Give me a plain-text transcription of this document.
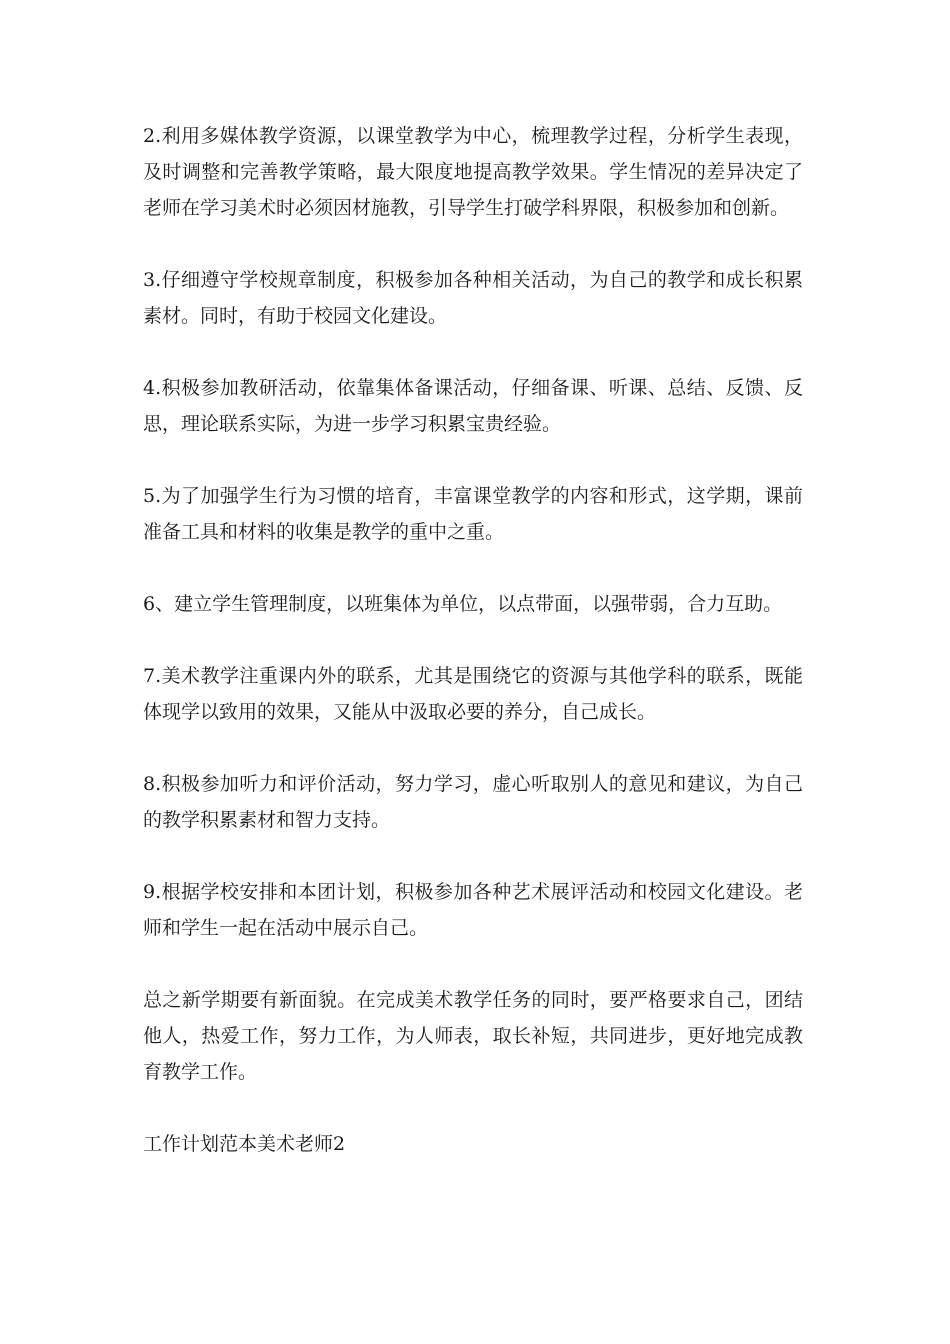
2.利用多媒体教学资源，以课堂教学为中心，梳理教学过程，分析学生表现，及时调整和完善教学策略，最大限度地提高教学效果。学生情况的差异决定了老师在学习美术时必须因材施教，引导学生打破学科界限，积极参加和创新。

3.仔细遵守学校规章制度，积极参加各种相关活动，为自己的教学和成长积累素材。同时，有助于校园文化建设。

4.积极参加教研活动，依靠集体备课活动，仔细备课、听课、总结、反馈、反思，理论联系实际，为进一步学习积累宝贵经验。

5.为了加强学生行为习惯的培育，丰富课堂教学的内容和形式，这学期，课前准备工具和材料的收集是教学的重中之重。

6、建立学生管理制度，以班集体为单位，以点带面，以强带弱，合力互助。

7.美术教学注重课内外的联系，尤其是围绕它的资源与其他学科的联系，既能体现学以致用的效果，又能从中汲取必要的养分，自己成长。

8.积极参加听力和评价活动，努力学习，虚心听取别人的意见和建议，为自己的教学积累素材和智力支持。

9.根据学校安排和本团计划，积极参加各种艺术展评活动和校园文化建设。老师和学生一起在活动中展示自己。

总之新学期要有新面貌。在完成美术教学任务的同时，要严格要求自己，团结他人，热爱工作，努力工作，为人师表，取长补短，共同进步，更好地完成教育教学工作。

工作计划范本美术老师2
